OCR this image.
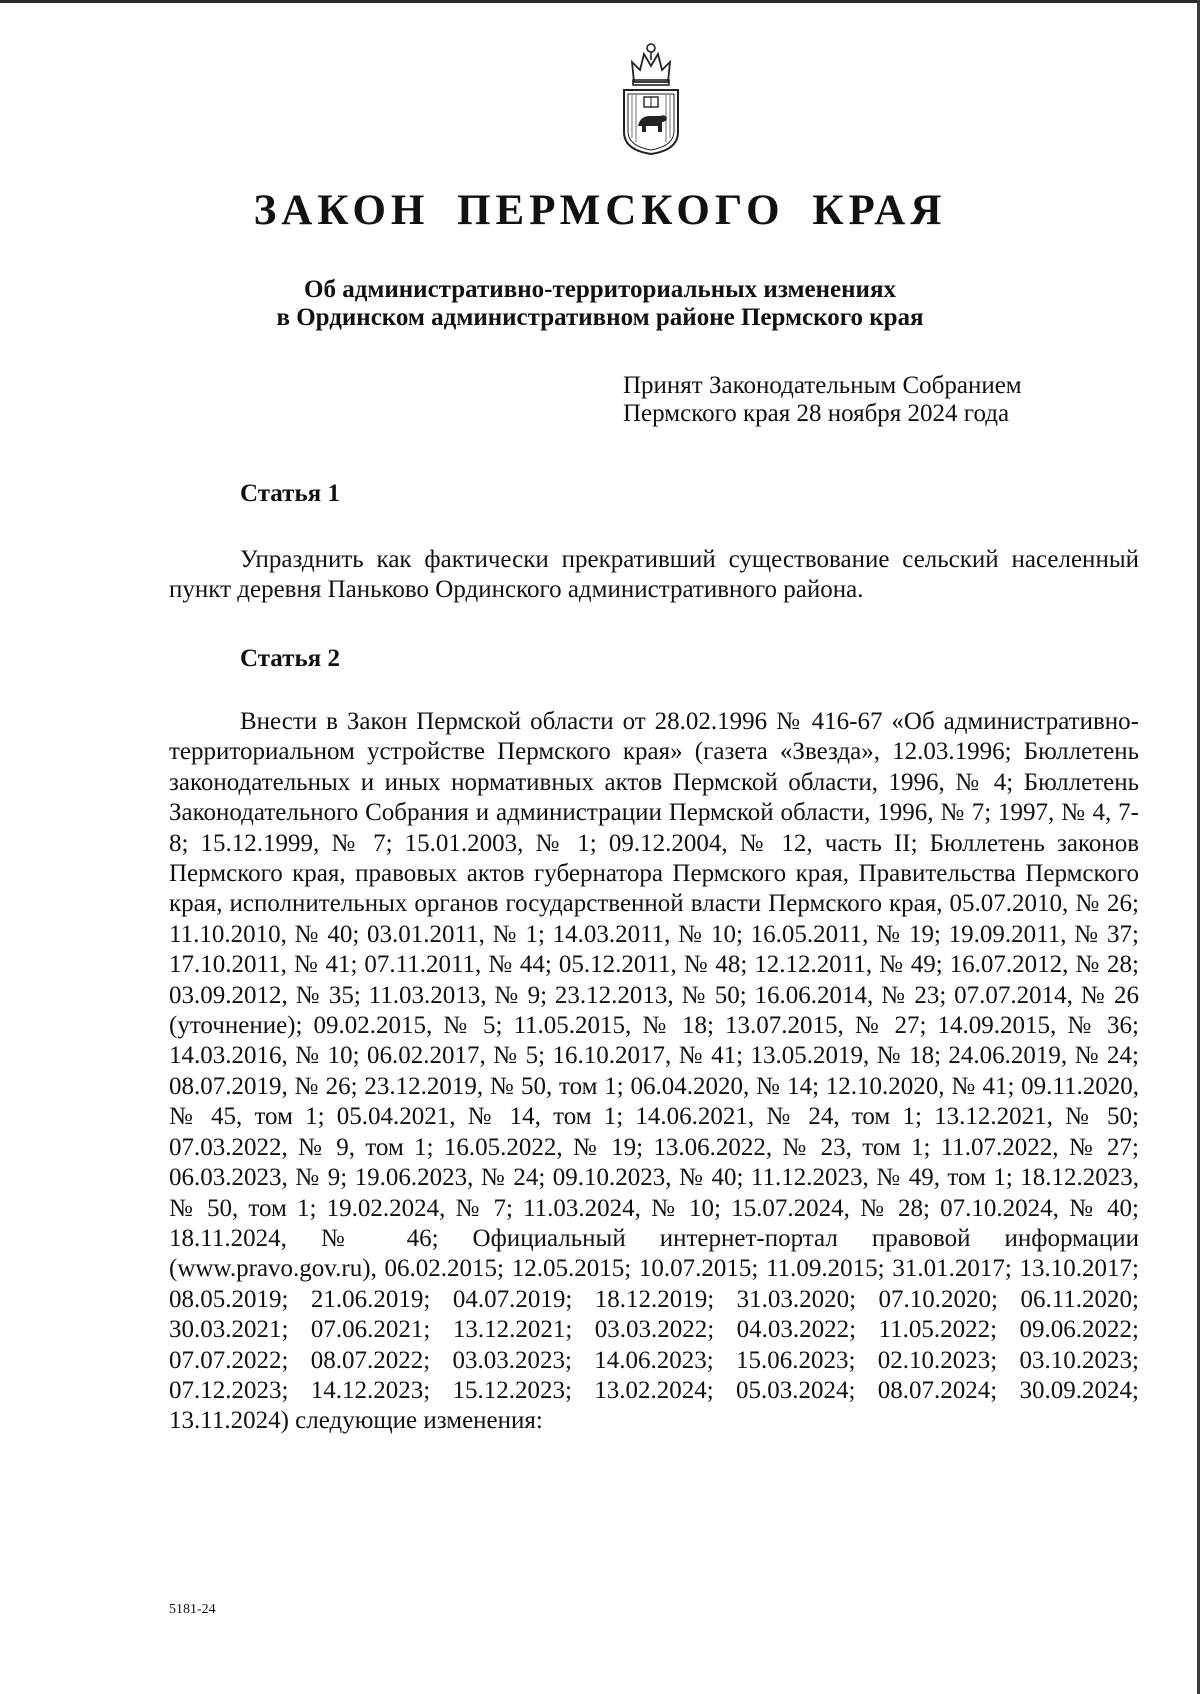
ЗАКОН ПЕРМСКОГО КРАЯ
Об административно-территориальных изменениях
в Ординском административном районе Пермского края
Принят Законодательным Собранием
Пермского края 28 ноября 2024 года
Статья 1
Упразднить как фактически прекративший существование сельский населенный пункт деревня Паньково Ординского административного района.
Статья 2
Внести в Закон Пермской области от 28.02.1996 № 416-67 «Об административно-территориальном устройстве Пермского края» (газета «Звезда», 12.03.1996; Бюллетень законодательных и иных нормативных актов Пермской области, 1996, № 4; Бюллетень Законодательного Собрания и администрации Пермской области, 1996, № 7; 1997, № 4, 7-8; 15.12.1999, № 7; 15.01.2003, № 1; 09.12.2004, № 12, часть II; Бюллетень законов Пермского края, правовых актов губернатора Пермского края, Правительства Пермского края, исполнительных органов государственной власти Пермского края, 05.07.2010, № 26; 11.10.2010, № 40; 03.01.2011, № 1; 14.03.2011, № 10; 16.05.2011, № 19; 19.09.2011, № 37; 17.10.2011, № 41; 07.11.2011, № 44; 05.12.2011, № 48; 12.12.2011, № 49; 16.07.2012, № 28; 03.09.2012, № 35; 11.03.2013, № 9; 23.12.2013, № 50; 16.06.2014, № 23; 07.07.2014, № 26 (уточнение); 09.02.2015, № 5; 11.05.2015, № 18; 13.07.2015, № 27; 14.09.2015, № 36; 14.03.2016, № 10; 06.02.2017, № 5; 16.10.2017, № 41; 13.05.2019, № 18; 24.06.2019, № 24; 08.07.2019, № 26; 23.12.2019, № 50, том 1; 06.04.2020, № 14; 12.10.2020, № 41; 09.11.2020, № 45, том 1; 05.04.2021, № 14, том 1; 14.06.2021, № 24, том 1; 13.12.2021, № 50; 07.03.2022, № 9, том 1; 16.05.2022, № 19; 13.06.2022, № 23, том 1; 11.07.2022, № 27; 06.03.2023, № 9; 19.06.2023, № 24; 09.10.2023, № 40; 11.12.2023, № 49, том 1; 18.12.2023, № 50, том 1; 19.02.2024, № 7; 11.03.2024, № 10; 15.07.2024, № 28; 07.10.2024, № 40; 18.11.2024, № 46; Официальный интернет-портал правовой информации (www.pravo.gov.ru), 06.02.2015; 12.05.2015; 10.07.2015; 11.09.2015; 31.01.2017; 13.10.2017; 08.05.2019; 21.06.2019; 04.07.2019; 18.12.2019; 31.03.2020; 07.10.2020; 06.11.2020; 30.03.2021; 07.06.2021; 13.12.2021; 03.03.2022; 04.03.2022; 11.05.2022; 09.06.2022; 07.07.2022; 08.07.2022; 03.03.2023; 14.06.2023; 15.06.2023; 02.10.2023; 03.10.2023; 07.12.2023; 14.12.2023; 15.12.2023; 13.02.2024; 05.03.2024; 08.07.2024; 30.09.2024; 13.11.2024) следующие изменения:
5181-24
